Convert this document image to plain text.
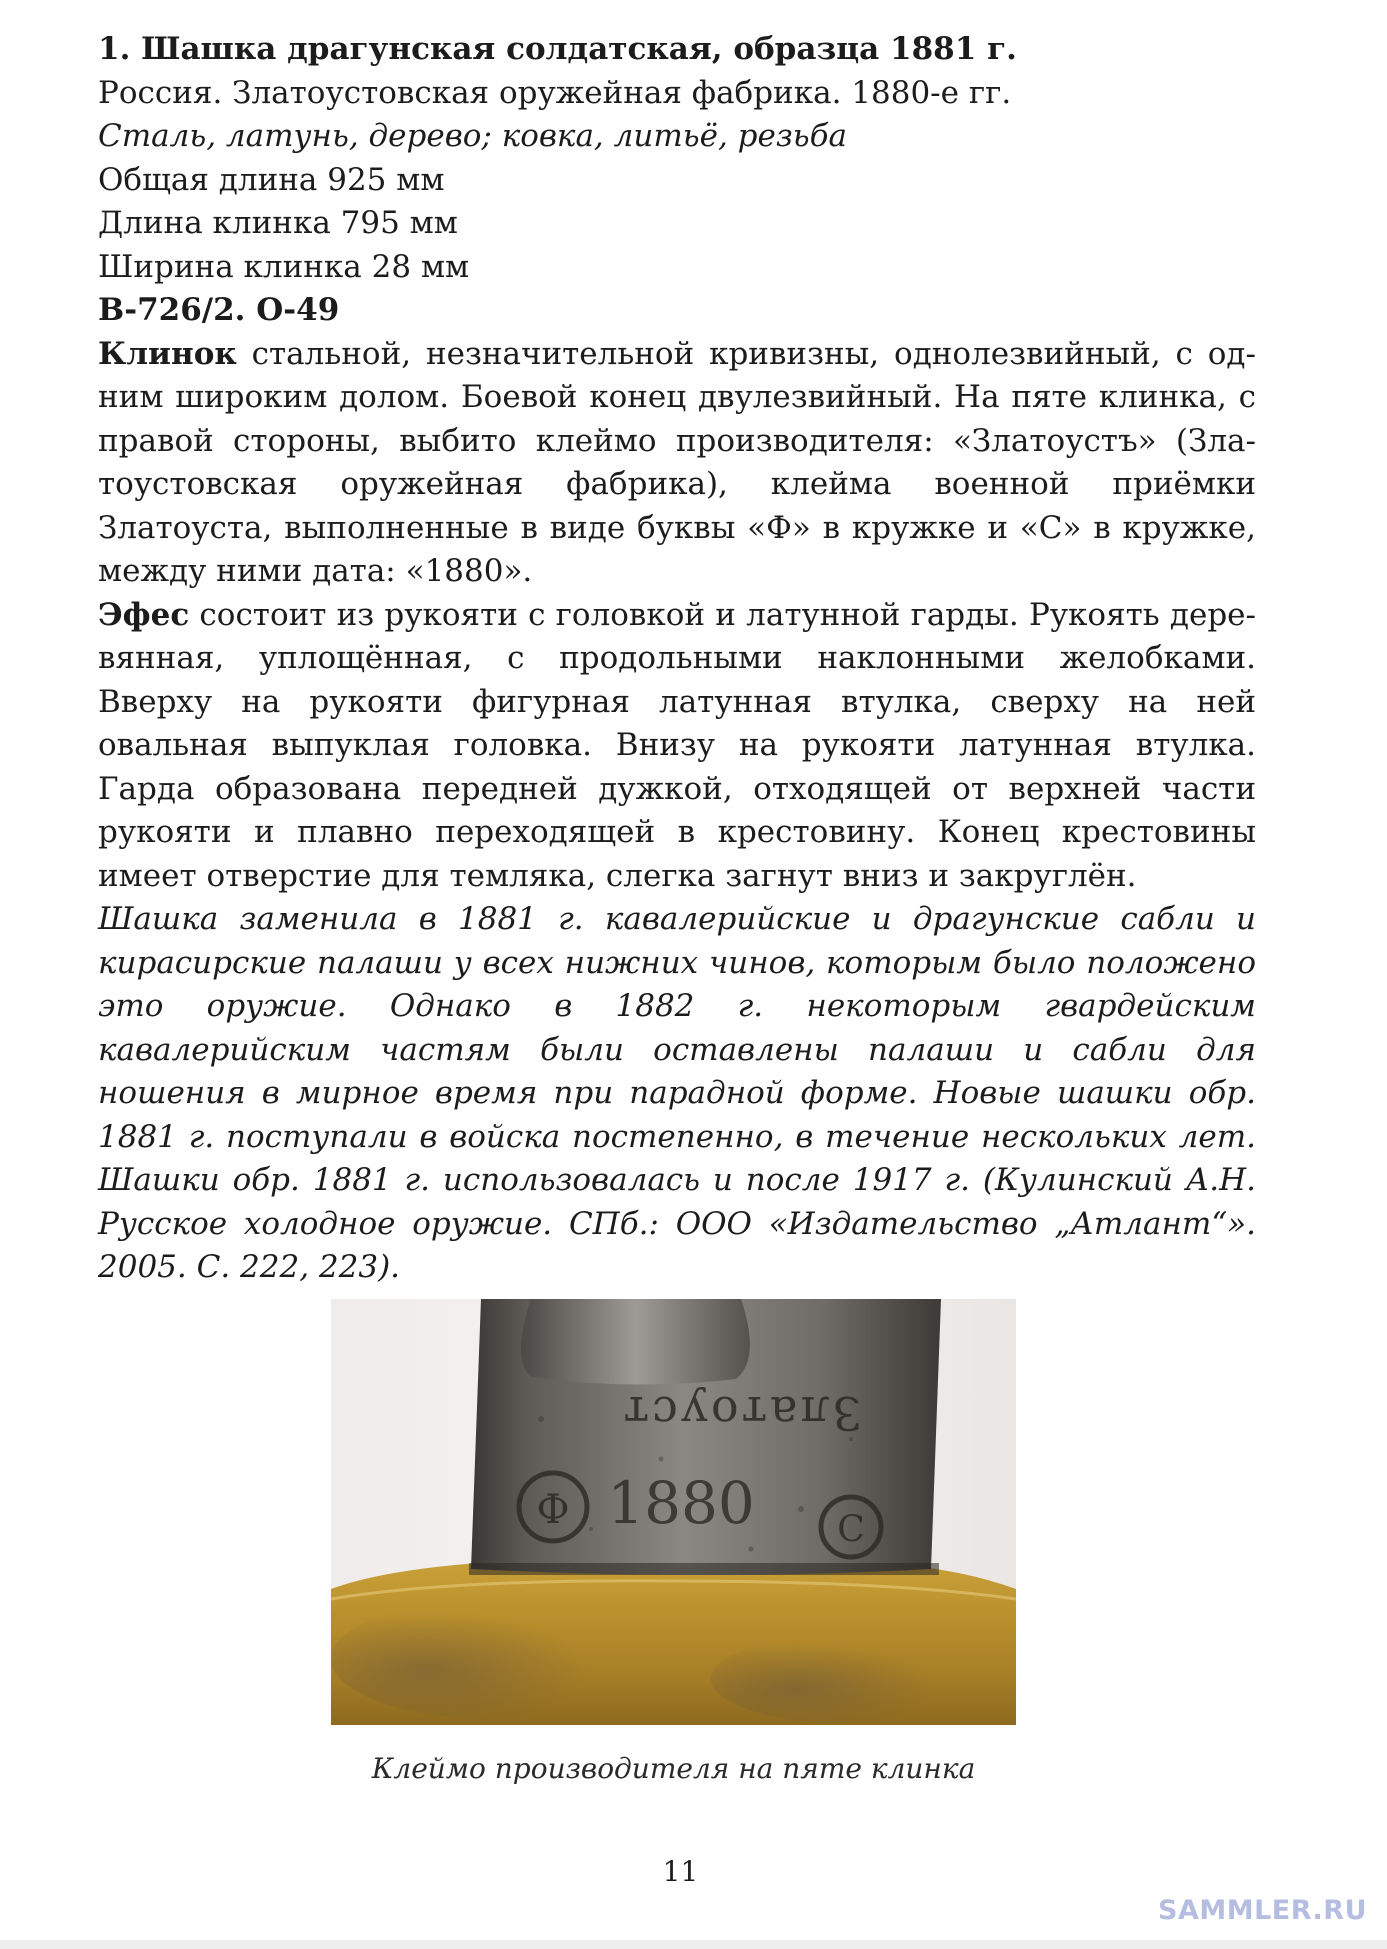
1. Шашка драгунская солдатская, образца 1881 г.

Россия. Златоустовская оружейная фабрика. 1880-е гг.

Сталь, латунь, дерево; ковка, литьё, резьба

Общая длина 925 мм

Длина клинка 795 мм

Ширина клинка 28 мм

В-726/2. О-49

Клинок стальной, незначительной кривизны, однолезвийный, с одним широким долом. Боевой конец двулезвийный. На пяте клинка, с правой стороны, выбито клеймо производителя: «Златоустъ» (Златоустовская оружейная фабрика), клейма военной приёмки Златоуста, выполненные в виде буквы «Ф» в кружке и «С» в кружке, между ними дата: «1880».

Эфес состоит из рукояти с головкой и латунной гарды. Рукоять деревянная, уплощённая, с продольными наклонными желобками. Вверху на рукояти фигурная латунная втулка, сверху на ней овальная выпуклая головка. Внизу на рукояти латунная втулка. Гарда образована передней дужкой, отходящей от верхней части рукояти и плавно переходящей в крестовину. Конец крестовины имеет отверстие для темляка, слегка загнут вниз и закруглён.

Шашка заменила в 1881 г. кавалерийские и драгунские сабли и кирасирские палаши у всех нижних чинов, которым было положено это оружие. Однако в 1882 г. некоторым гвардейским кавалерийским частям были оставлены палаши и сабли для ношения в мирное время при парадной форме. Новые шашки обр. 1881 г. поступали в войска постепенно, в течение нескольких лет. Шашки обр. 1881 г. использовалась и после 1917 г. (Кулинский А.Н. Русское холодное оружие. СПб.: ООО «Издательство „Атлант“». 2005. С. 222, 223).

Златоуст
Ф 1880 С
Клеймо производителя на пяте клинка
11
SAMMLER.RU
